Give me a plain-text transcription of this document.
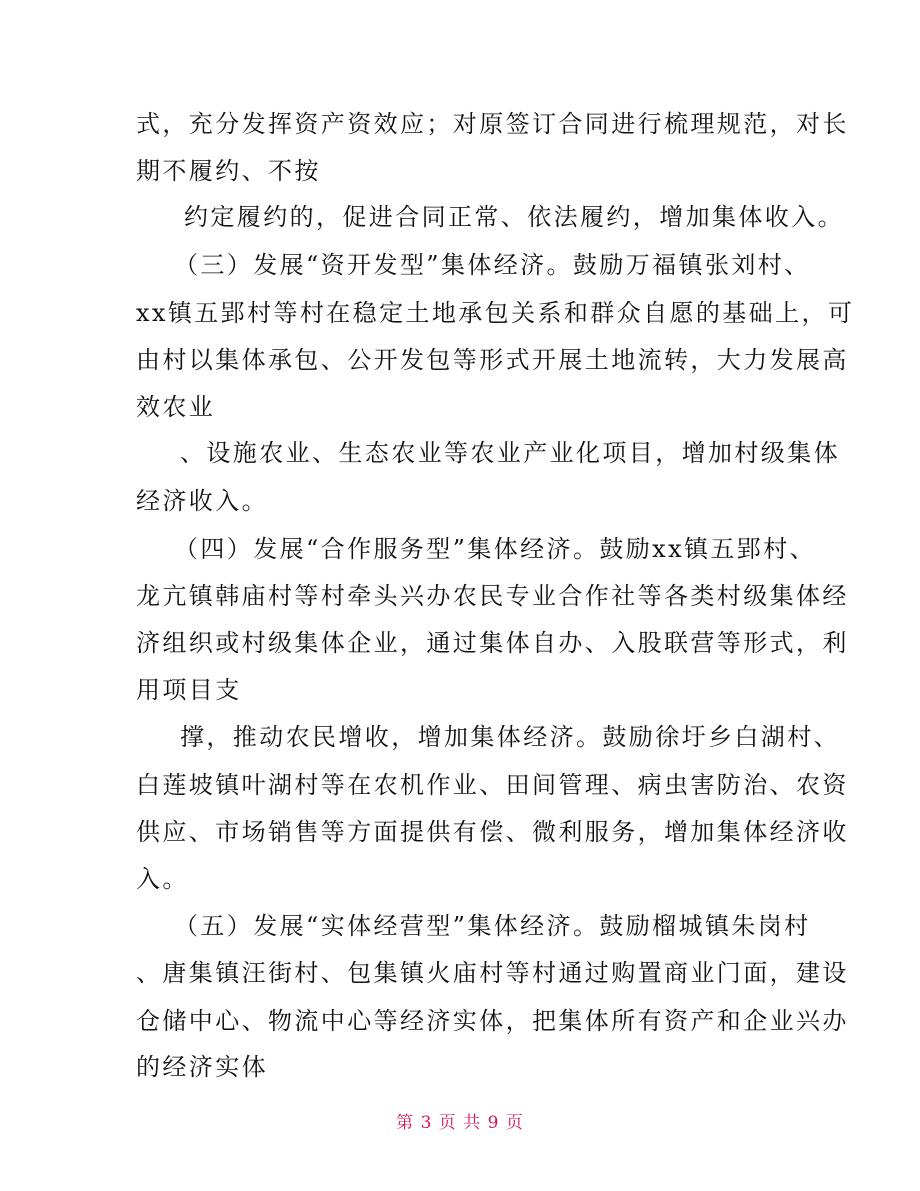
式，充分发挥资产资效应；对原签订合同进行梳理规范，对长
期不履约、不按
约定履约的，促进合同正常、依法履约，增加集体收入。
（三）发展“资开发型”集体经济。鼓励万福镇张刘村、
xx镇五郢村等村在稳定土地承包关系和群众自愿的基础上，可
由村以集体承包、公开发包等形式开展土地流转，大力发展高
效农业
、设施农业、生态农业等农业产业化项目，增加村级集体
经济收入。
（四）发展“合作服务型”集体经济。鼓励xx镇五郢村、
龙亢镇韩庙村等村牵头兴办农民专业合作社等各类村级集体经
济组织或村级集体企业，通过集体自办、入股联营等形式，利
用项目支
撑，推动农民增收，增加集体经济。鼓励徐圩乡白湖村、
白莲坡镇叶湖村等在农机作业、田间管理、病虫害防治、农资
供应、市场销售等方面提供有偿、微利服务，增加集体经济收
入。
（五）发展“实体经营型”集体经济。鼓励榴城镇朱岗村
、唐集镇汪街村、包集镇火庙村等村通过购置商业门面，建设
仓储中心、物流中心等经济实体，把集体所有资产和企业兴办
的经济实体
第 3 页 共 9 页
